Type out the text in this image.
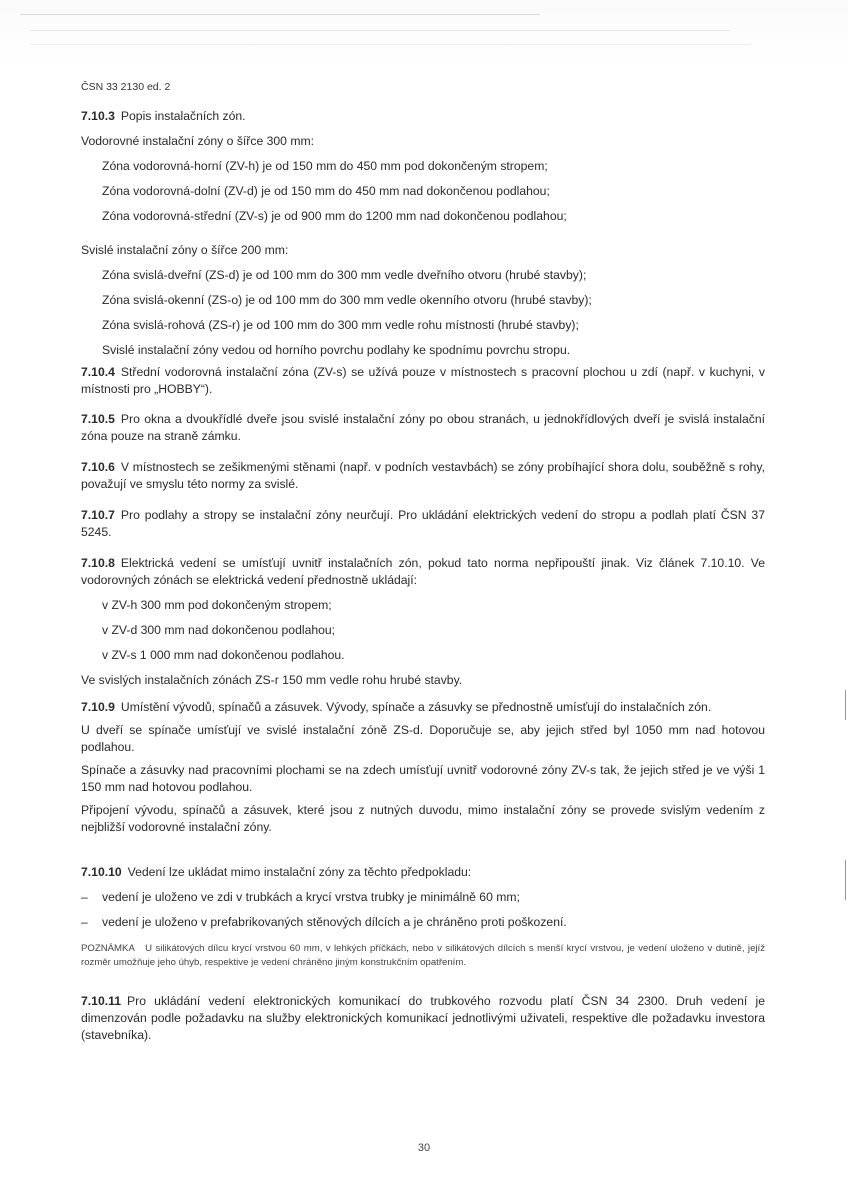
ČSN 33 2130 ed. 2

7.10.3 Popis instalačních zón.

Vodorovné instalační zóny o šířce 300 mm:

Zóna vodorovná-horní (ZV-h) je od 150 mm do 450 mm pod dokončeným stropem;

Zóna vodorovná-dolní (ZV-d) je od 150 mm do 450 mm nad dokončenou podlahou;

Zóna vodorovná-střední (ZV-s) je od 900 mm do 1200 mm nad dokončenou podlahou;

Svislé instalační zóny o šířce 200 mm:

Zóna svislá-dveřní (ZS-d) je od 100 mm do 300 mm vedle dveřního otvoru (hrubé stavby);

Zóna svislá-okenní (ZS-o) je od 100 mm do 300 mm vedle okenního otvoru (hrubé stavby);

Zóna svislá-rohová (ZS-r) je od 100 mm do 300 mm vedle rohu místnosti (hrubé stavby);

Svislé instalační zóny vedou od horního povrchu podlahy ke spodnímu povrchu stropu.

7.10.4 Střední vodorovná instalační zóna (ZV-s) se užívá pouze v místnostech s pracovní plochou u zdí (např. v kuchyni, v místnosti pro „HOBBY“).

7.10.5 Pro okna a dvoukřídlé dveře jsou svislé instalační zóny po obou stranách, u jednokřídlových dveří je svislá instalační zóna pouze na straně zámku.

7.10.6 V místnostech se zešikmenými stěnami (např. v podních vestavbách) se zóny probíhající shora dolu, souběžně s rohy, považují ve smyslu této normy za svislé.

7.10.7 Pro podlahy a stropy se instalační zóny neurčují. Pro ukládání elektrických vedení do stropu a podlah platí ČSN 37 5245.

7.10.8 Elektrická vedení se umísťují uvnitř instalačních zón, pokud tato norma nepřipouští jinak. Viz článek 7.10.10. Ve vodorovných zónách se elektrická vedení přednostně ukládají:

v ZV-h 300 mm pod dokončeným stropem;

v ZV-d 300 mm nad dokončenou podlahou;

v ZV-s 1 000 mm nad dokončenou podlahou.

Ve svislých instalačních zónách ZS-r 150 mm vedle rohu hrubé stavby.

7.10.9 Umístění vývodů, spínačů a zásuvek. Vývody, spínače a zásuvky se přednostně umísťují do instalačních zón.

U dveří se spínače umísťují ve svislé instalační zóně ZS-d. Doporučuje se, aby jejich střed byl 1050 mm nad hotovou podlahou.

Spínače a zásuvky nad pracovními plochami se na zdech umísťují uvnitř vodorovné zóny ZV-s tak, že jejich střed je ve výši 1 150 mm nad hotovou podlahou.

Připojení vývodu, spínačů a zásuvek, které jsou z nutných duvodu, mimo instalační zóny se provede svislým vedením z nejbližší vodorovné instalační zóny.

7.10.10 Vedení lze ukládat mimo instalační zóny za těchto předpokladu:

–	vedení je uloženo ve zdi v trubkách a krycí vrstva trubky je minimálně 60 mm;
–	vedení je uloženo v prefabrikovaných stěnových dílcích a je chráněno proti poškození.

POZNÁMKA U silikátových dílcu krycí vrstvou 60 mm, v lehkých příčkách, nebo v silikátových dílcích s menší krycí vrstvou, je vedení uloženo v dutině, jejíž rozměr umožňuje jeho úhyb, respektive je vedení chráněno jiným konstrukčním opatřením.

7.10.11 Pro ukládání vedení elektronických komunikací do trubkového rozvodu platí ČSN 34 2300. Druh vedení je dimenzován podle požadavku na služby elektronických komunikací jednotlivými uživateli, respektive dle požadavku investora (stavebníka).

30
